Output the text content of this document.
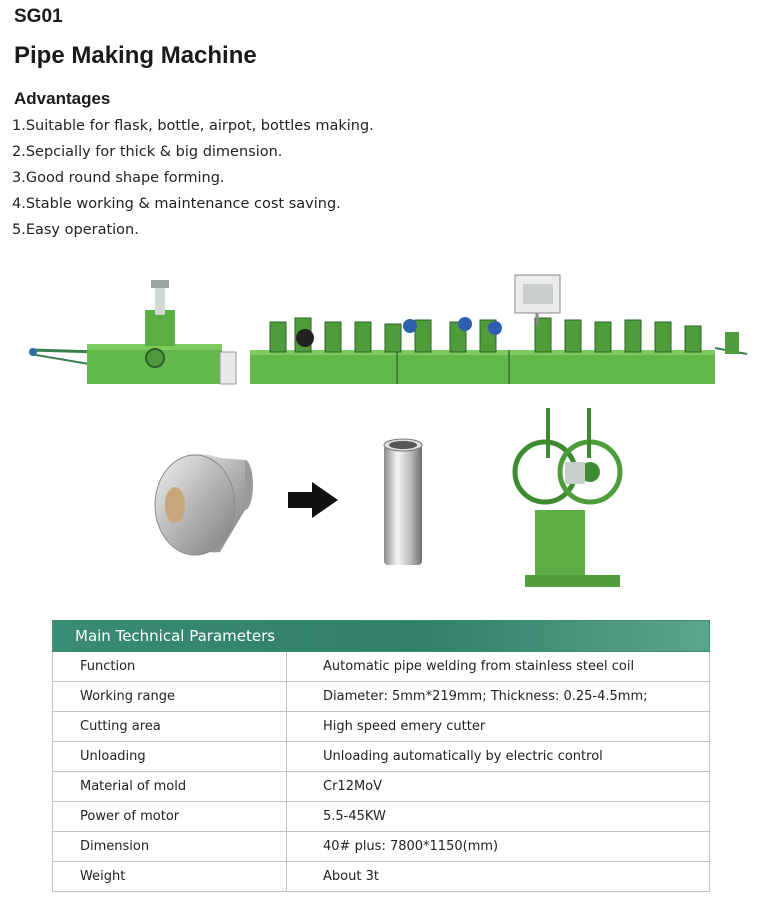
SG01
Pipe Making Machine
Advantages
1.Suitable for flask, bottle, airpot, bottles making.
2.Sepcially for thick & big dimension.
3.Good round shape forming.
4.Stable working & maintenance cost saving.
5.Easy operation.
Main Technical Parameters	
Function	Automatic pipe welding from stainless steel coil
Working range	Diameter: 5mm*219mm; Thickness: 0.25-4.5mm;
Cutting area	High speed emery cutter
Unloading	Unloading automatically by electric control
Material of mold	Cr12MoV
Power of motor	5.5-45KW
Dimension	40# plus: 7800*1150(mm)
Weight	About 3t
